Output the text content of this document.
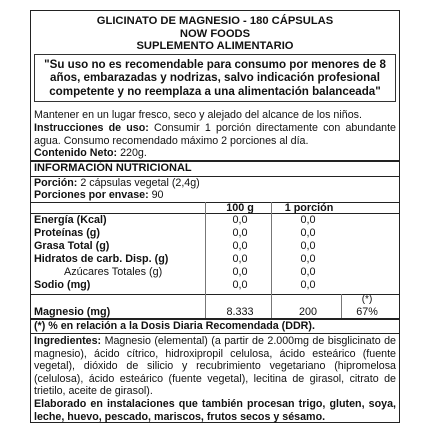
GLICINATO DE MAGNESIO - 180 CÁPSULAS
NOW FOODS
SUPLEMENTO ALIMENTARIO
"Su uso no es recomendable para consumo por menores de 8 años, embarazadas y nodrizas, salvo indicación profesional competente y no reemplaza a una alimentación balanceada"
Mantener en un lugar fresco, seco y alejado del alcance de los niños.
Instrucciones de uso: Consumir 1 porción directamente con abundante agua. Consumo recomendado máximo 2 porciones al día.
Contenido Neto: 220g.
INFORMACIÓN NUTRICIONAL
Porción: 2 cápsulas vegetal (2,4g)
Porciones por envase: 90
100 g	1 porción
Energía (Kcal)	0,0	0,0
Proteínas (g)	0,0	0,0
Grasa Total (g)	0,0	0,0
Hidratos de carb. Disp. (g)	0,0	0,0
Azúcares Totales (g)	0,0	0,0
Sodio (mg)	0,0	0,0
(*)
Magnesio (mg)	8.333	200	67%
(*) % en relación a la Dosis Diaria Recomendada (DDR).
Ingredientes: Magnesio (elemental) (a partir de 2.000mg de bisglicinato de magnesio), ácido cítrico, hidroxipropil celulosa, ácido esteárico (fuente vegetal), dióxido de silicio y recubrimiento vegetariano (hipromelosa (celulosa), ácido esteárico (fuente vegetal), lecitina de girasol, citrato de trietilo, aceite de girasol).
Elaborado en instalaciones que también procesan trigo, gluten, soya, leche, huevo, pescado, mariscos, frutos secos y sésamo.
